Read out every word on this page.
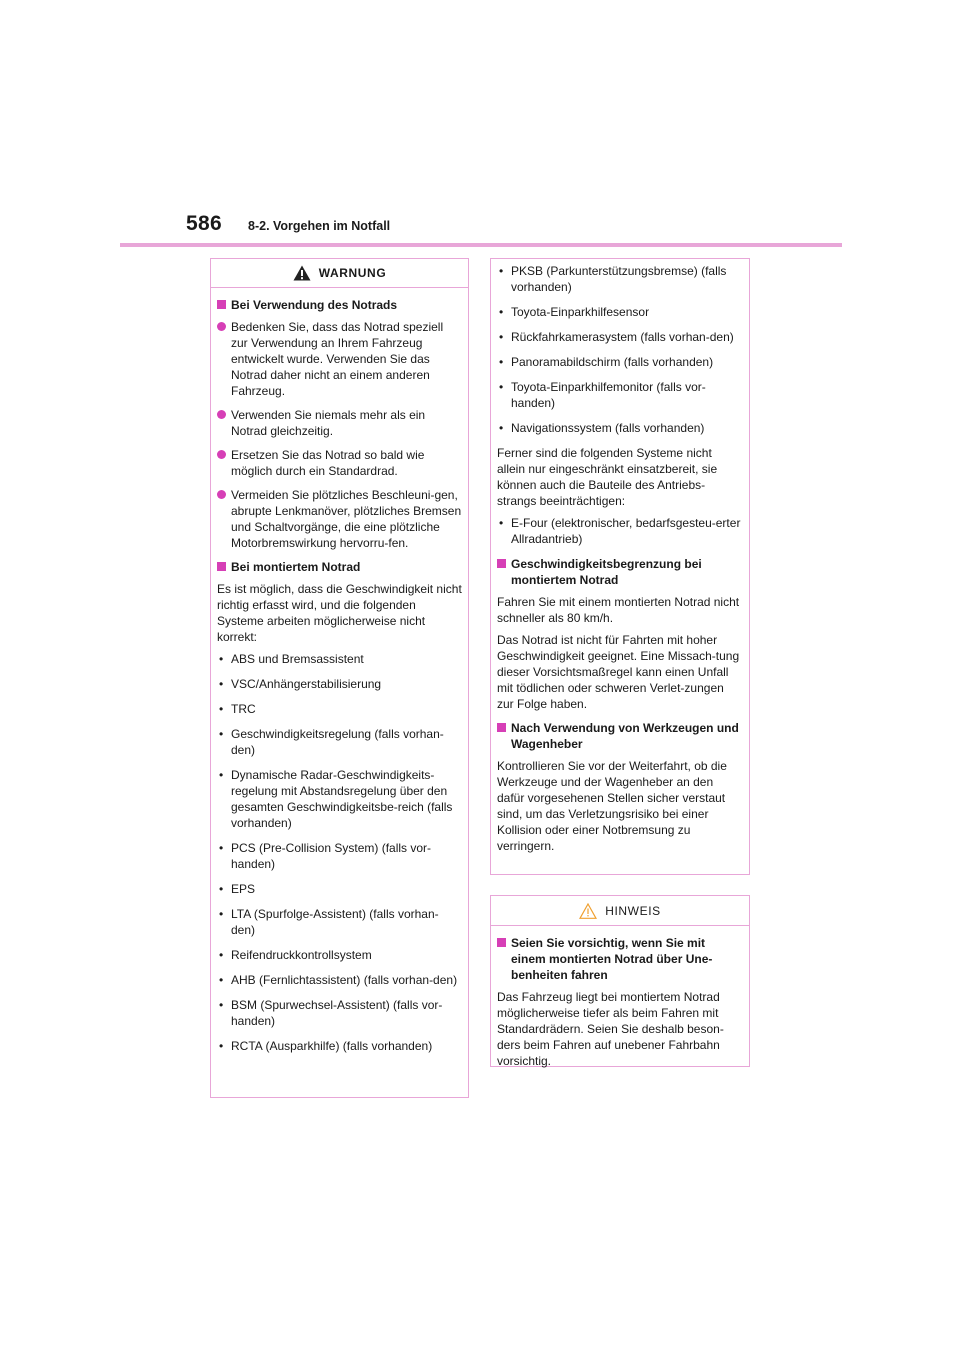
586 8-2. Vorgehen im Notfall
WARNUNG
Bei Verwendung des Notrads
Bedenken Sie, dass das Notrad speziell zur Verwendung an Ihrem Fahrzeug entwickelt wurde. Verwenden Sie das Notrad daher nicht an einem anderen Fahrzeug.
Verwenden Sie niemals mehr als ein Notrad gleichzeitig.
Ersetzen Sie das Notrad so bald wie möglich durch ein Standardrad.
Vermeiden Sie plötzliches Beschleuni-gen, abrupte Lenkmanöver, plötzliches Bremsen und Schaltvorgänge, die eine plötzliche Motorbremswirkung hervorru-fen.
Bei montiertem Notrad
Es ist möglich, dass die Geschwindigkeit nicht richtig erfasst wird, und die folgenden Systeme arbeiten möglicherweise nicht korrekt:
• ABS und Bremsassistent
• VSC/Anhängerstabilisierung
• TRC
• Geschwindigkeitsregelung (falls vorhan-den)
• Dynamische Radar-Geschwindigkeits-regelung mit Abstandsregelung über den gesamten Geschwindigkeitsbe-reich (falls vorhanden)
• PCS (Pre-Collision System) (falls vor-handen)
• EPS
• LTA (Spurfolge-Assistent) (falls vorhan-den)
• Reifendruckkontrollsystem
• AHB (Fernlichtassistent) (falls vorhan-den)
• BSM (Spurwechsel-Assistent) (falls vor-handen)
• RCTA (Ausparkhilfe) (falls vorhanden)
• PKSB (Parkunterstützungsbremse) (falls vorhanden)
• Toyota-Einparkhilfesensor
• Rückfahrkamerasystem (falls vorhan-den)
• Panoramabildschirm (falls vorhanden)
• Toyota-Einparkhilfemonitor (falls vor-handen)
• Navigationssystem (falls vorhanden)
Ferner sind die folgenden Systeme nicht allein nur eingeschränkt einsatzbereit, sie können auch die Bauteile des Antriebs-strangs beeinträchtigen:
• E-Four (elektronischer, bedarfsgesteu-erter Allradantrieb)
Geschwindigkeitsbegrenzung bei montiertem Notrad
Fahren Sie mit einem montierten Notrad nicht schneller als 80 km/h.
Das Notrad ist nicht für Fahrten mit hoher Geschwindigkeit geeignet. Eine Missach-tung dieser Vorsichtsmaßregel kann einen Unfall mit tödlichen oder schweren Verlet-zungen zur Folge haben.
Nach Verwendung von Werkzeugen und Wagenheber
Kontrollieren Sie vor der Weiterfahrt, ob die Werkzeuge und der Wagenheber an den dafür vorgesehenen Stellen sicher verstaut sind, um das Verletzungsrisiko bei einer Kollision oder einer Notbremsung zu verringern.
HINWEIS
Seien Sie vorsichtig, wenn Sie mit einem montierten Notrad über Une-benheiten fahren
Das Fahrzeug liegt bei montiertem Notrad möglicherweise tiefer als beim Fahren mit Standardrädern. Seien Sie deshalb beson-ders beim Fahren auf unebener Fahrbahn vorsichtig.
